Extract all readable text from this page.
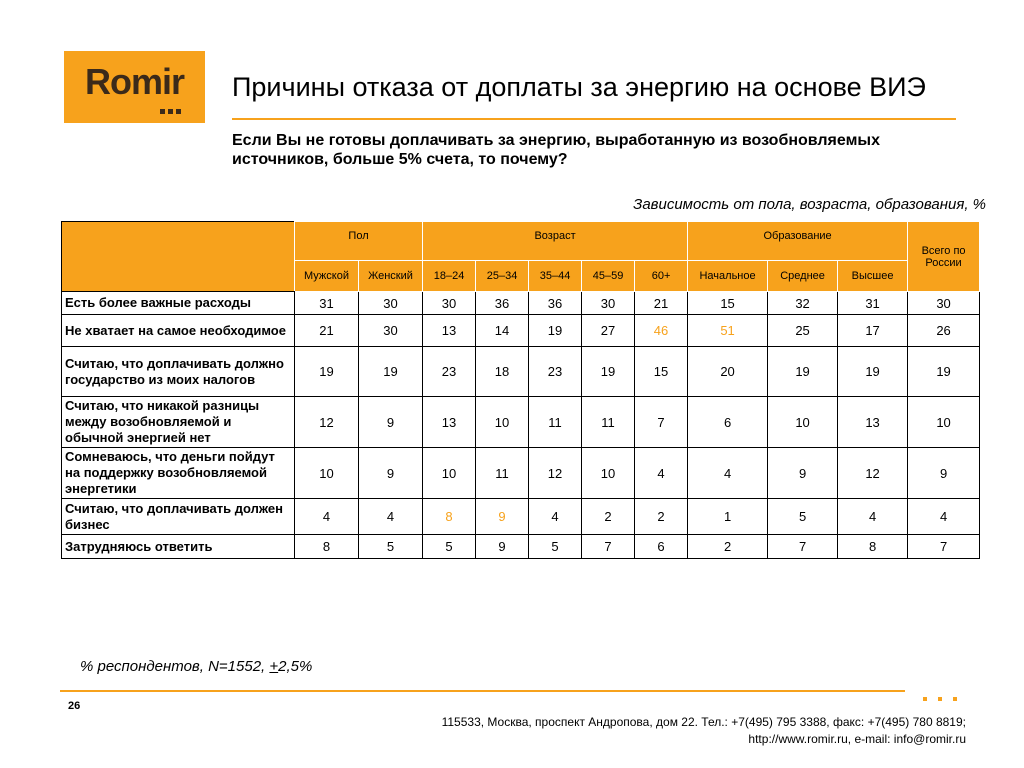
Romir	Причины отказа от доплаты за энергию на основе ВИЭ
Если Вы не готовы доплачивать за энергию, выработанную из возобновляемых источников, больше 5% счета, то почему?
Зависимость от пола, возраста, образования, %
	Пол		Возраст					Образование			Всего по России
	Мужской	Женский	18–24	25–34	35–44	45–59	60+	Начальное	Среднее	Высшее	
Есть более важные расходы	31	30	30	36	36	30	21	15	32	31	30
Не хватает на самое необходимое	21	30	13	14	19	27	46	51	25	17	26
Считаю, что доплачивать должно государство из моих налогов	19	19	23	18	23	19	15	20	19	19	19
Считаю, что никакой разницы между возобновляемой и обычной энергией нет	12	9	13	10	11	11	7	6	10	13	10
Сомневаюсь, что деньги пойдут на поддержку возобновляемой энергетики	10	9	10	11	12	10	4	4	9	12	9
Считаю, что доплачивать должен бизнес	4	4	8	9	4	2	2	1	5	4	4
Затрудняюсь ответить	8	5	5	9	5	7	6	2	7	8	7
% респондентов, N=1552, +2,5%
26
115533, Москва, проспект Андропова, дом 22. Тел.: +7(495) 795 3388, факс: +7(495) 780 8819;
http://www.romir.ru, e-mail: info@romir.ru
